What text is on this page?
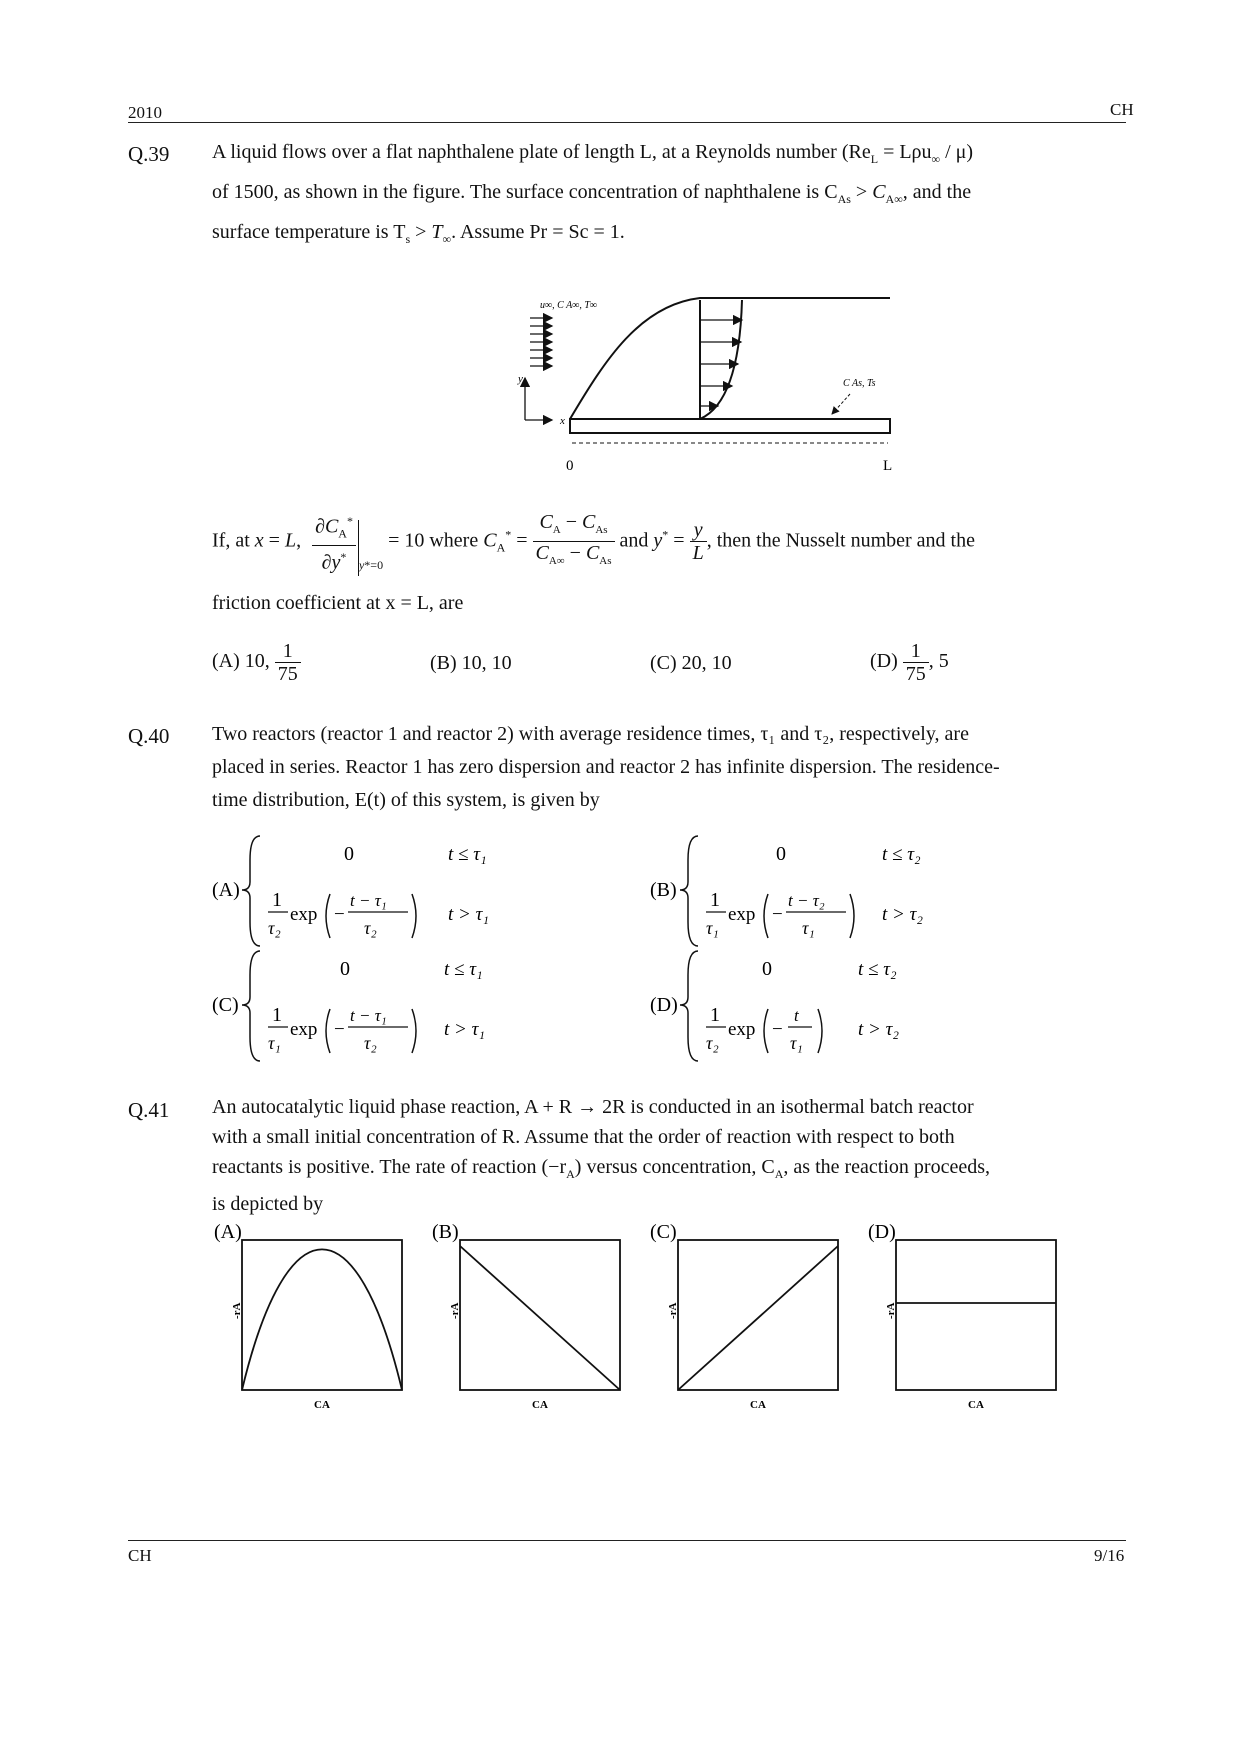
2010	CH
Q.39 A liquid flows over a flat naphthalene plate of length L, at a Reynolds number $(Re_L = L\rho u_\infty / \mu)$
of 1500, as shown in the figure. The surface concentration of naphthalene is $C_{As} > C_{A\infty}$, and the
surface temperature is $T_s > T_\infty$. Assume Pr = Sc = 1.
u∞, C A∞, T∞
y
x
C As, Ts
0	L
If, at x = L, $\frac{\partial C_A^*}{\partial y^*} _{y*=0} = 10$ where $C_A^* = \frac{C_A - C_{As}}{C_{A\infty} - C_{As}}$ and $y^* = \frac{y}{L}$ , then the Nusselt number and the
friction coefficient at x = L, are
(A) 10, $\frac{1}{75}$	(B) 10, 10	(C) 20, 10	$(D) \frac{1}{75}$ , 5
Q.40 Two reactors (reactor 1 and reactor 2) with average residence times, τ₁ and τ₂, respectively, are
placed in series. Reactor 1 has zero dispersion and reactor 2 has infinite dispersion. The residence-
time distribution, E(t) of this system, is given by
(A)
0	t ≤ τ₁
1
τ₂
exp −
t − τ₁
τ₂
t > τ₁
(B)
0	t ≤ τ₂
1
τ₁
exp −
t − τ₂
τ₁
t > τ₂
(C)
0	t ≤ τ₁
1
τ₁
exp −
t − τ₁
τ₂
t > τ₁
(D)
0	t ≤ τ₂
1
τ₂
exp −
t
τ₁
t > τ₂
Q.41 An autocatalytic liquid phase reaction, A + R → 2R is conducted in an isothermal batch reactor
with a small initial concentration of R. Assume that the order of reaction with respect to both
reactants is positive. The rate of reaction $(-r_A)$ versus concentration, $C_A$, as the reaction proceeds,
is depicted by
(A)
-rA
CA
(B)
-rA
CA
(C)
-rA
CA
(D)
-rA
CA
CH	9/16
